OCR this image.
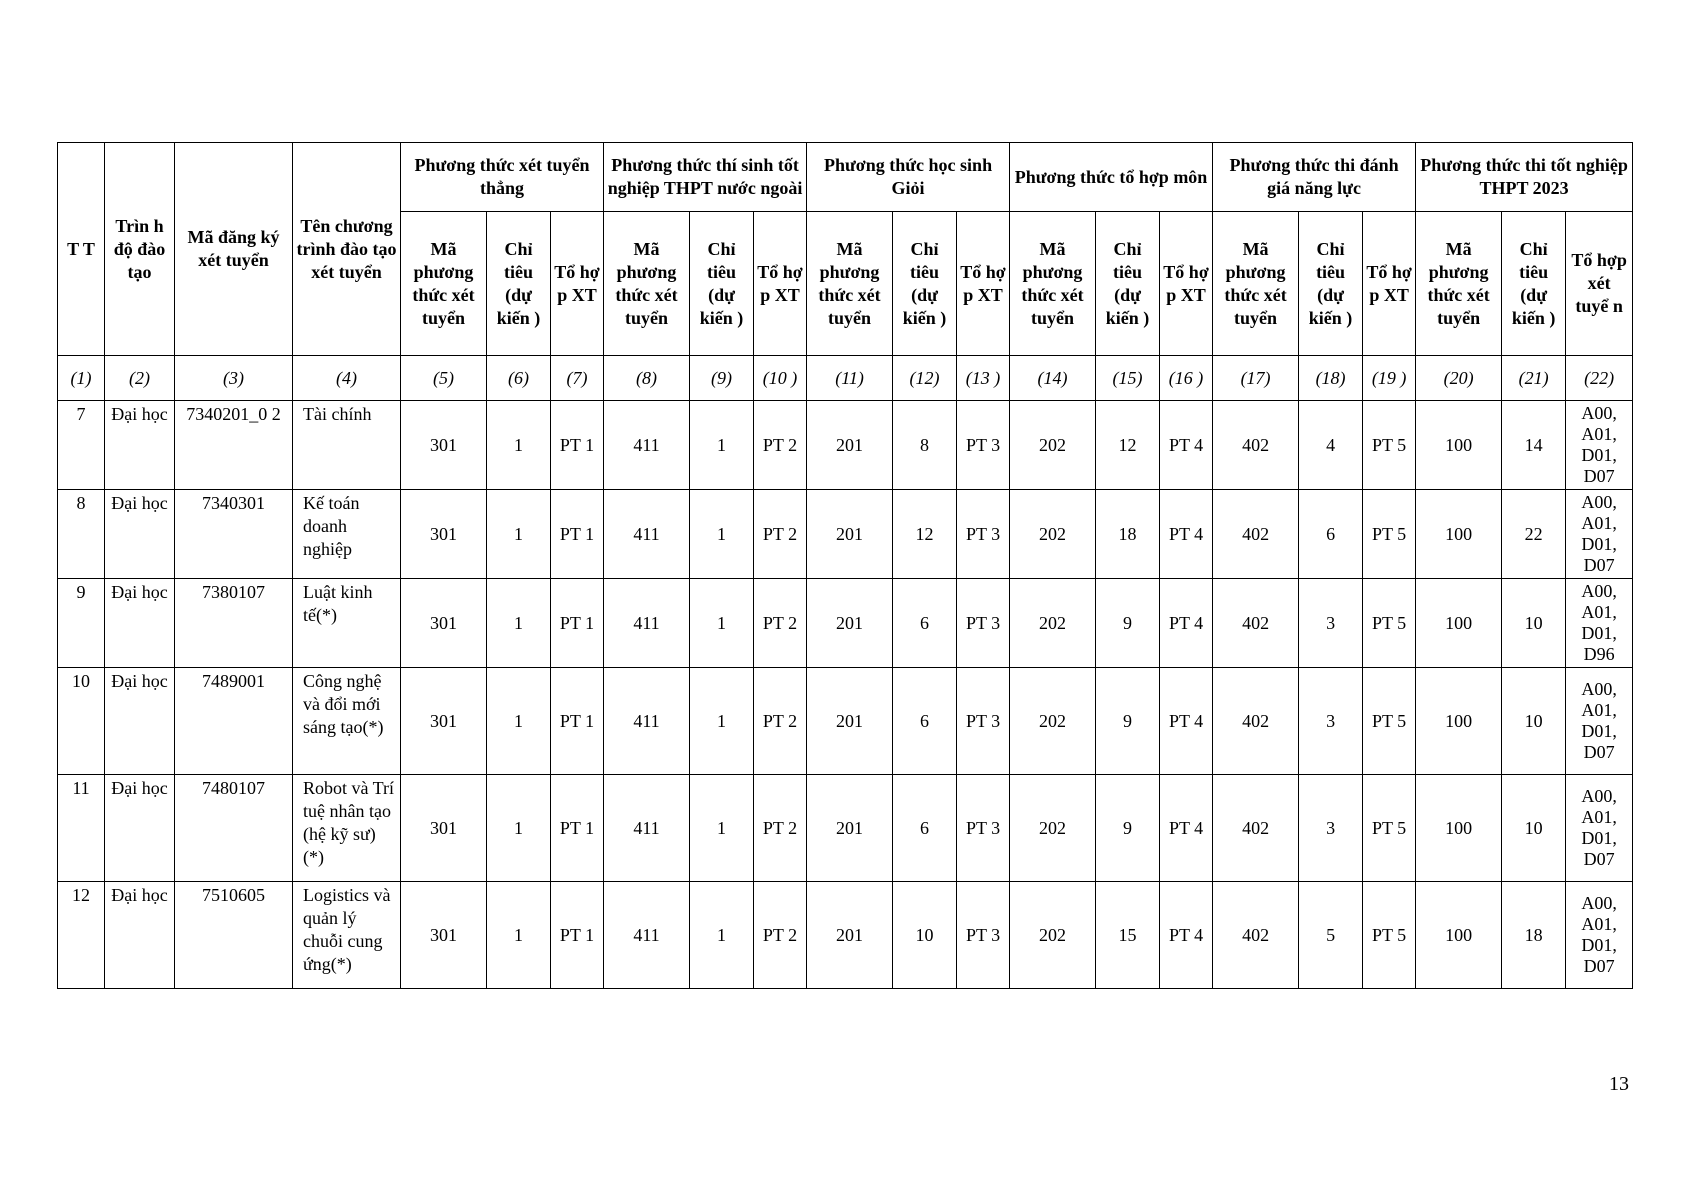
T T	Trìn h độ đào tạo	Mã đăng ký xét tuyển	Tên chương trình đào tạo xét tuyển	Phương thức xét tuyển thẳng			Phương thức thí sinh tốt nghiệp THPT nước ngoài			Phương thức học sinh Giỏi			Phương thức tổ hợp môn			Phương thức thi đánh giá năng lực			Phương thức thi tốt nghiệp THPT 2023		
				Mã phương thức xét tuyển	Chỉ tiêu (dự kiến )	Tổ hợ p XT	Mã phương thức xét tuyển	Chỉ tiêu (dự kiến )	Tổ hợ p XT	Mã phương thức xét tuyển	Chỉ tiêu (dự kiến )	Tổ hợ p XT	Mã phương thức xét tuyển	Chỉ tiêu (dự kiến )	Tổ hợ p XT	Mã phương thức xét tuyển	Chỉ tiêu (dự kiến )	Tổ hợ p XT	Mã phương thức xét tuyển	Chỉ tiêu (dự kiến )	Tổ hợp xét tuyể n
(1)	(2)	(3)	(4)	(5)	(6)	(7)	(8)	(9)	(10 )	(11)	(12)	(13 )	(14)	(15)	(16 )	(17)	(18)	(19 )	(20)	(21)	(22)
7	Đại học	7340201_0 2	Tài chính	301	1	PT 1	411	1	PT 2	201	8	PT 3	202	12	PT 4	402	4	PT 5	100	14	A00, A01, D01, D07
8	Đại học	7340301	Kế toán doanh nghiệp	301	1	PT 1	411	1	PT 2	201	12	PT 3	202	18	PT 4	402	6	PT 5	100	22	A00, A01, D01, D07
9	Đại học	7380107	Luật kinh tế(*)	301	1	PT 1	411	1	PT 2	201	6	PT 3	202	9	PT 4	402	3	PT 5	100	10	A00, A01, D01, D96
10	Đại học	7489001	Công nghệ và đổi mới sáng tạo(*)	301	1	PT 1	411	1	PT 2	201	6	PT 3	202	9	PT 4	402	3	PT 5	100	10	A00, A01, D01, D07
11	Đại học	7480107	Robot và Trí tuệ nhân tạo (hệ kỹ sư) (*)	301	1	PT 1	411	1	PT 2	201	6	PT 3	202	9	PT 4	402	3	PT 5	100	10	A00, A01, D01, D07
12	Đại học	7510605	Logistics và quản lý chuỗi cung ứng(*)	301	1	PT 1	411	1	PT 2	201	10	PT 3	202	15	PT 4	402	5	PT 5	100	18	A00, A01, D01, D07
13
